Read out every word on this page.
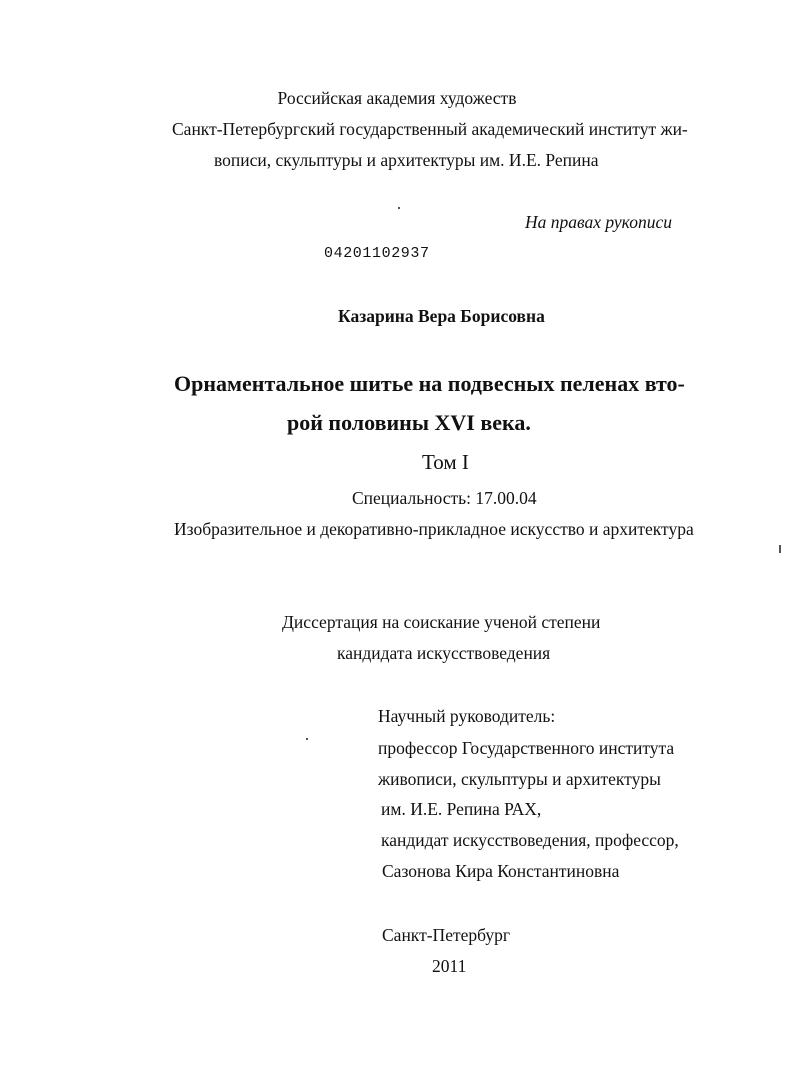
Российская академия художеств
Санкт-Петербургский государственный академический институт жи-
вописи, скульптуры и архитектуры им. И.Е. Репина
На правах рукописи
04201102937
Казарина Вера Борисовна
Орнаментальное шитье на подвесных пеленах вто-
рой половины XVI века.
Том I
Специальность: 17.00.04
Изобразительное и декоративно-прикладное искусство и архитектура
Диссертация на соискание ученой степени
кандидата искусствоведения
Научный руководитель:
профессор Государственного института
живописи, скульптуры и архитектуры
им. И.Е. Репина РАХ,
кандидат искусствоведения, профессор,
Сазонова Кира Константиновна
Санкт-Петербург
2011
